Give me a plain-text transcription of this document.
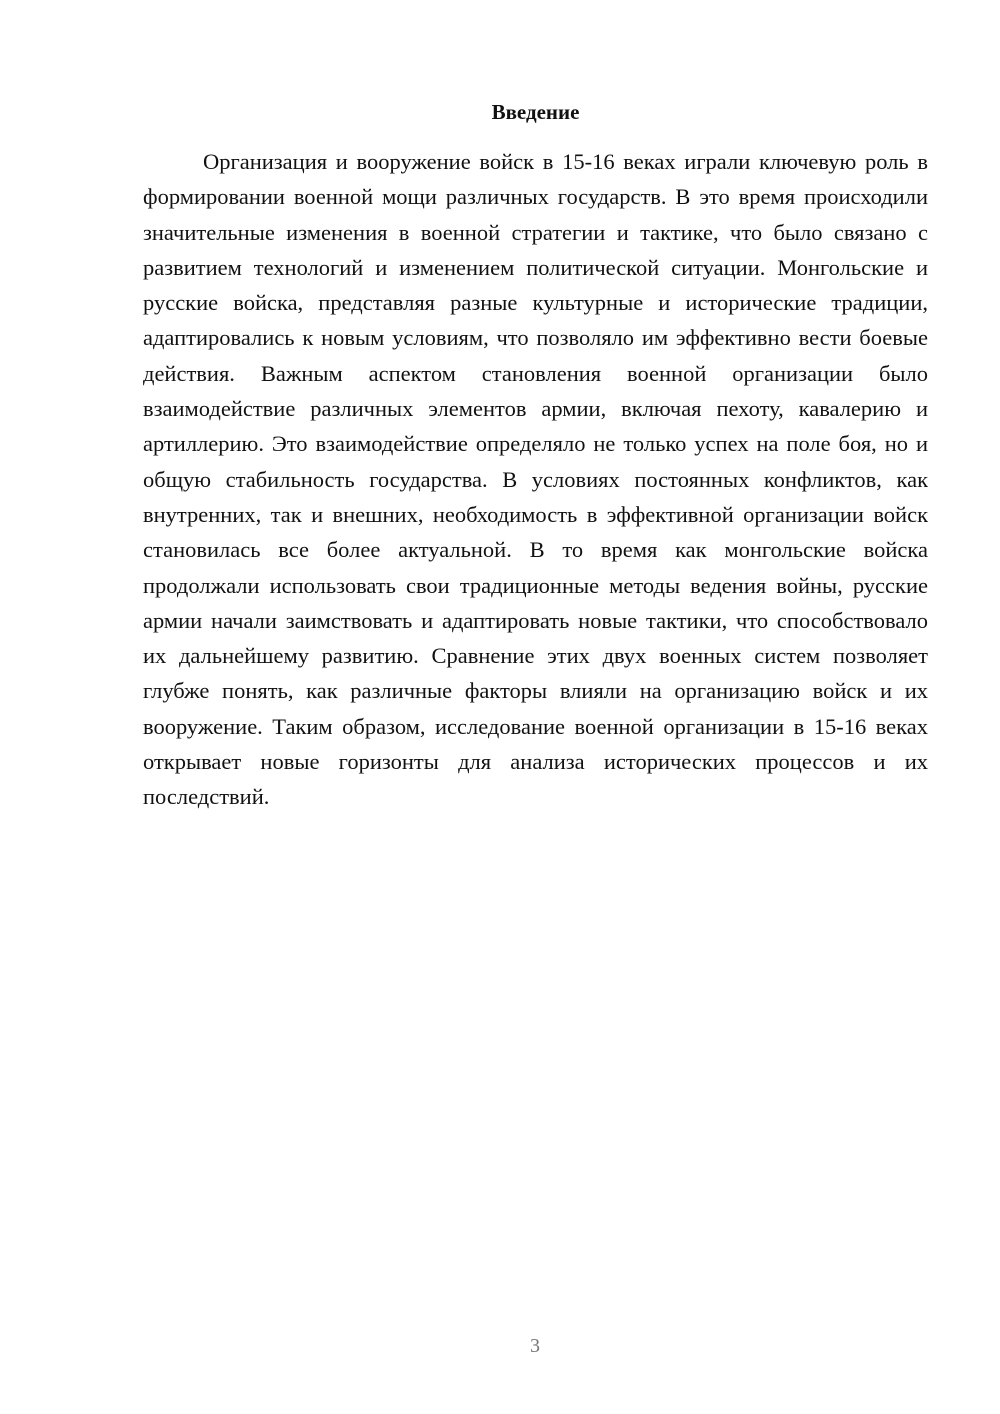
Введение

Организация и вооружение войск в 15-16 веках играли ключевую роль в формировании военной мощи различных государств. В это время происходили значительные изменения в военной стратегии и тактике, что было связано с развитием технологий и изменением политической ситуации. Монгольские и русские войска, представляя разные культурные и исторические традиции, адаптировались к новым условиям, что позволяло им эффективно вести боевые действия. Важным аспектом становления военной организации было взаимодействие различных элементов армии, включая пехоту, кавалерию и артиллерию. Это взаимодействие определяло не только успех на поле боя, но и общую стабильность государства. В условиях постоянных конфликтов, как внутренних, так и внешних, необходимость в эффективной организации войск становилась все более актуальной. В то время как монгольские войска продолжали использовать свои традиционные методы ведения войны, русские армии начали заимствовать и адаптировать новые тактики, что способствовало их дальнейшему развитию. Сравнение этих двух военных систем позволяет глубже понять, как различные факторы влияли на организацию войск и их вооружение. Таким образом, исследование военной организации в 15-16 веках открывает новые горизонты для анализа исторических процессов и их последствий.

3
